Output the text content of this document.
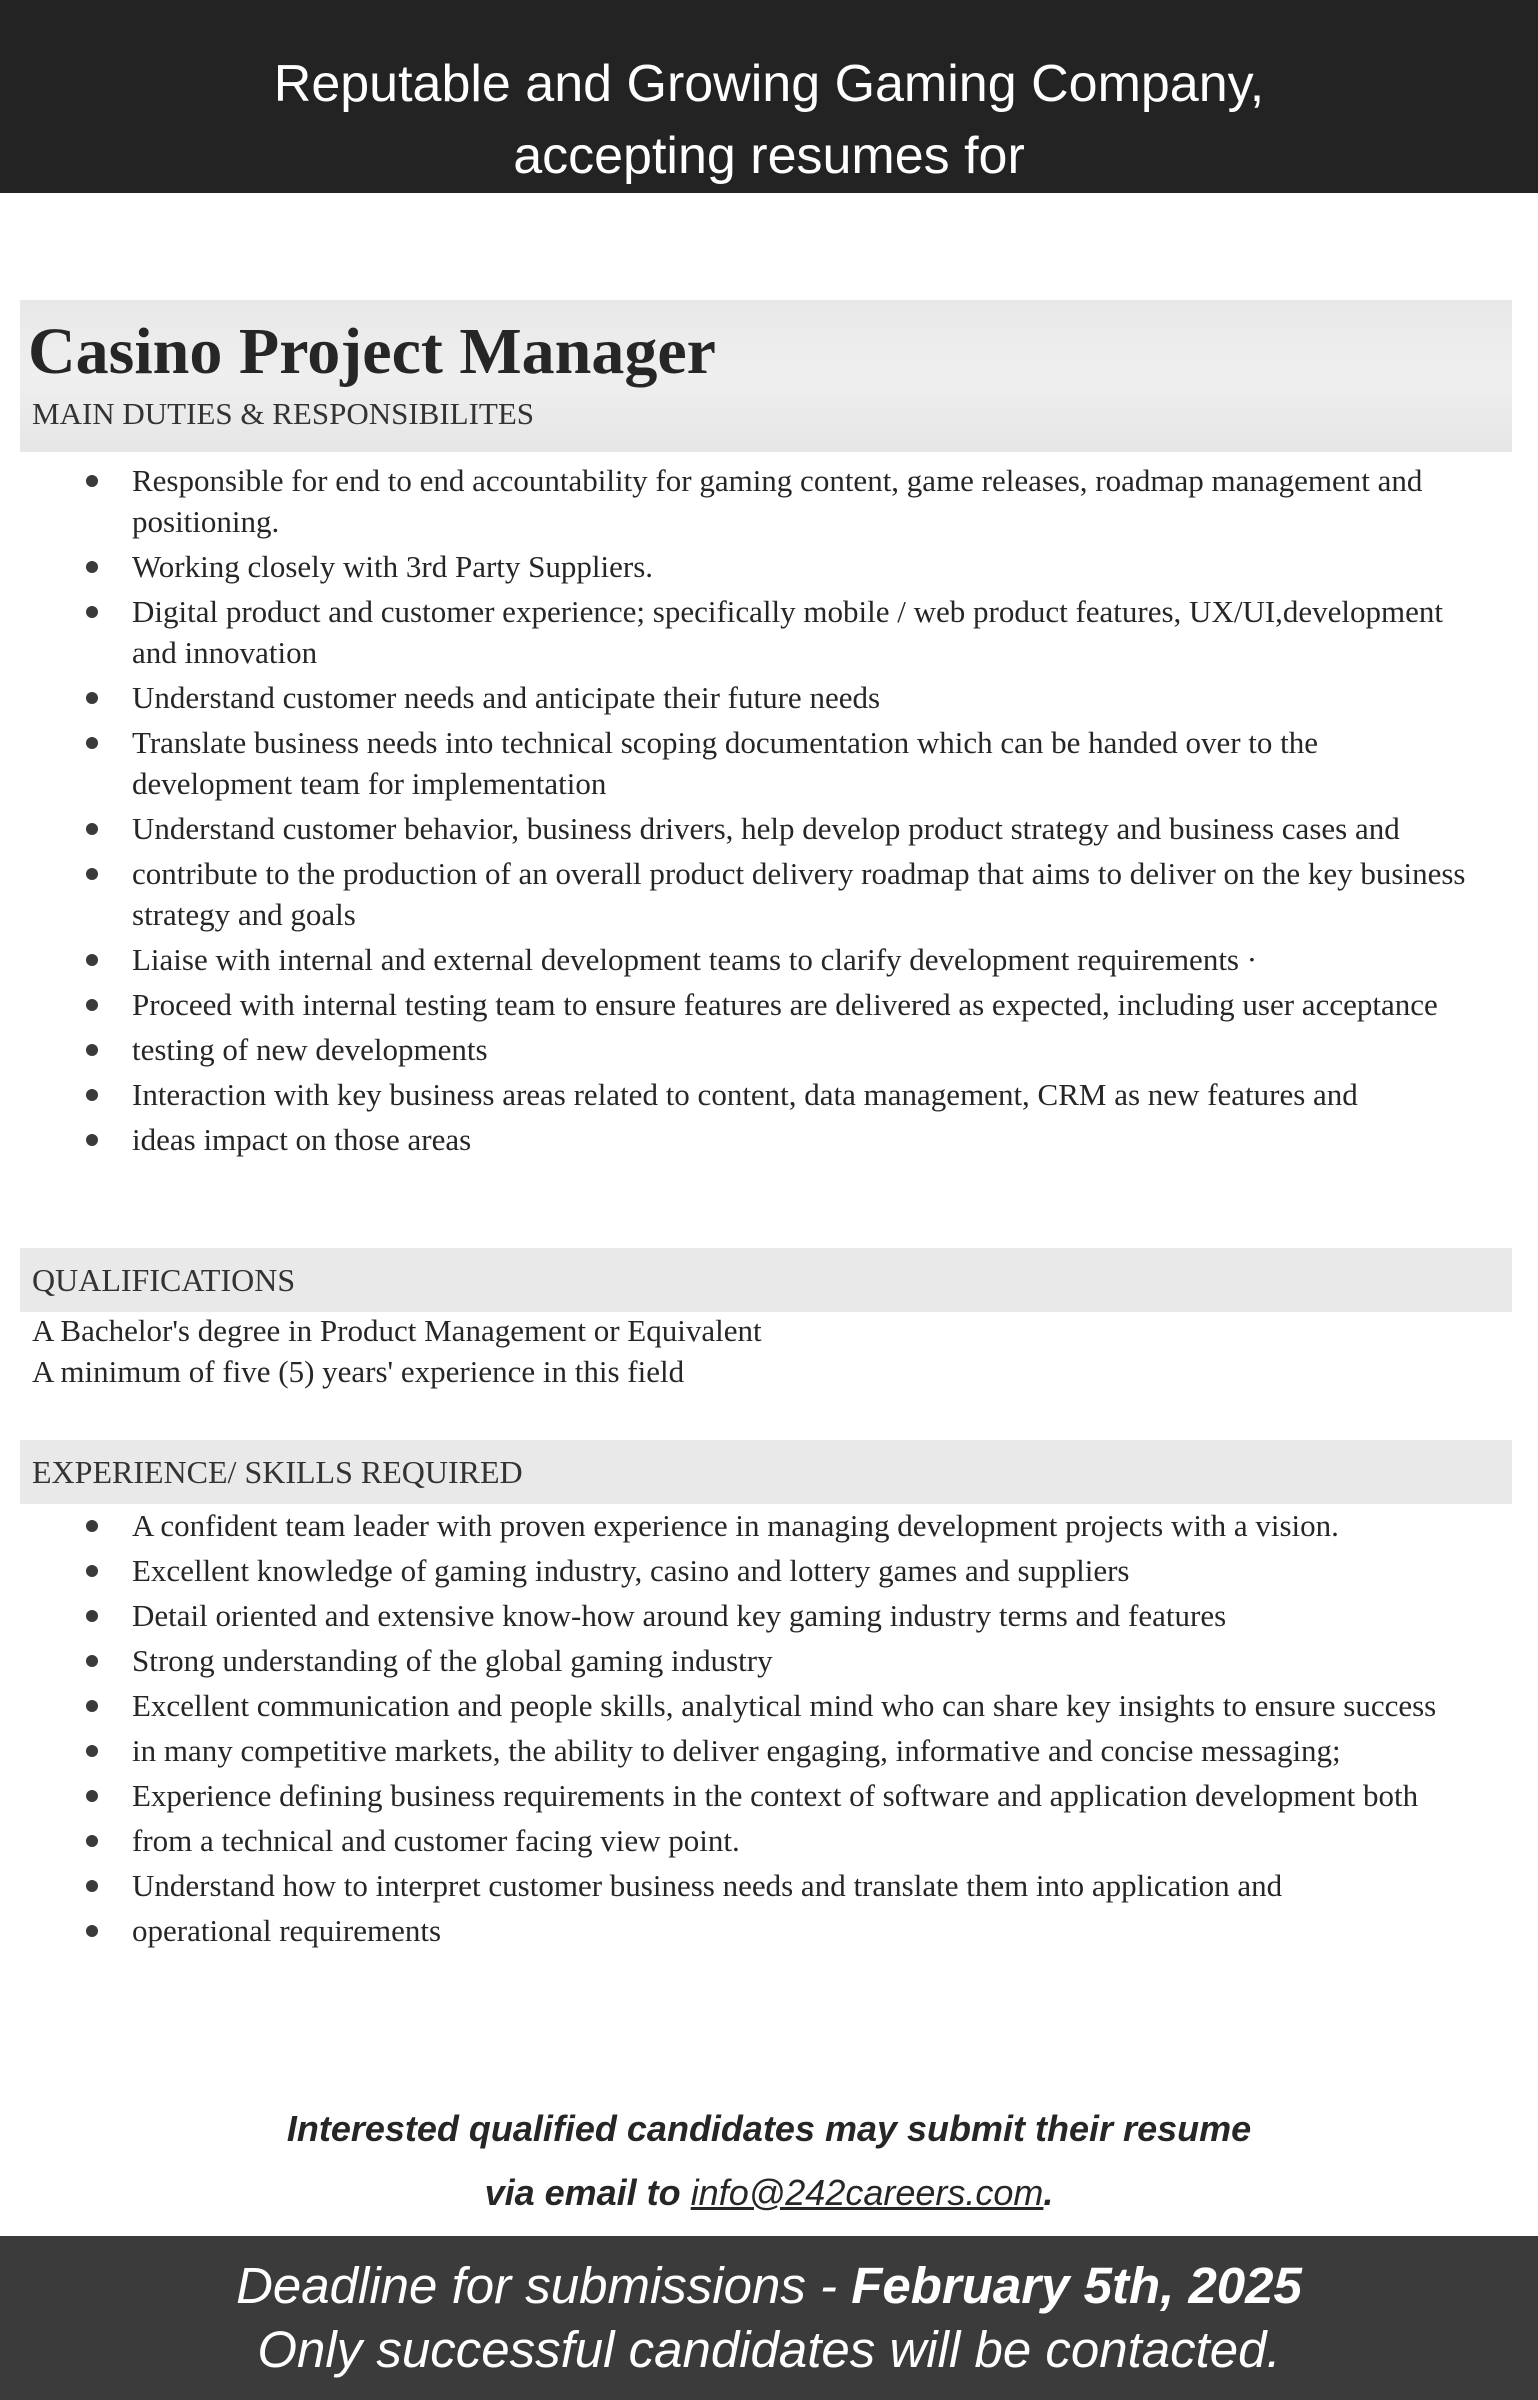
Reputable and Growing Gaming Company,
accepting resumes for
Casino Project Manager
MAIN DUTIES & RESPONSIBILITES
Responsible for end to end accountability for gaming content, game releases, roadmap management and positioning.
Working closely with 3rd Party Suppliers.
Digital product and customer experience; specifically mobile / web product features, UX/UI,development and innovation
Understand customer needs and anticipate their future needs
Translate business needs into technical scoping documentation which can be handed over to the development team for implementation
Understand customer behavior, business drivers, help develop product strategy and business cases and
contribute to the production of an overall product delivery roadmap that aims to deliver on the key business strategy and goals
Liaise with internal and external development teams to clarify development requirements ·
Proceed with internal testing team to ensure features are delivered as expected, including user acceptance
testing of new developments
Interaction with key business areas related to content, data management, CRM as new features and
ideas impact on those areas
QUALIFICATIONS
A Bachelor's degree in Product Management or Equivalent
A minimum of five (5) years' experience in this field
EXPERIENCE/ SKILLS REQUIRED
A confident team leader with proven experience in managing development projects with a vision.
Excellent knowledge of gaming industry, casino and lottery games and suppliers
Detail oriented and extensive know-how around key gaming industry terms and features
Strong understanding of the global gaming industry
Excellent communication and people skills, analytical mind who can share key insights to ensure success
in many competitive markets, the ability to deliver engaging, informative and concise messaging;
Experience defining business requirements in the context of software and application development both
from a technical and customer facing view point.
Understand how to interpret customer business needs and translate them into application and
operational requirements
Interested qualified candidates may submit their resume
via email to info@242careers.com.
Deadline for submissions - February 5th, 2025
Only successful candidates will be contacted.
